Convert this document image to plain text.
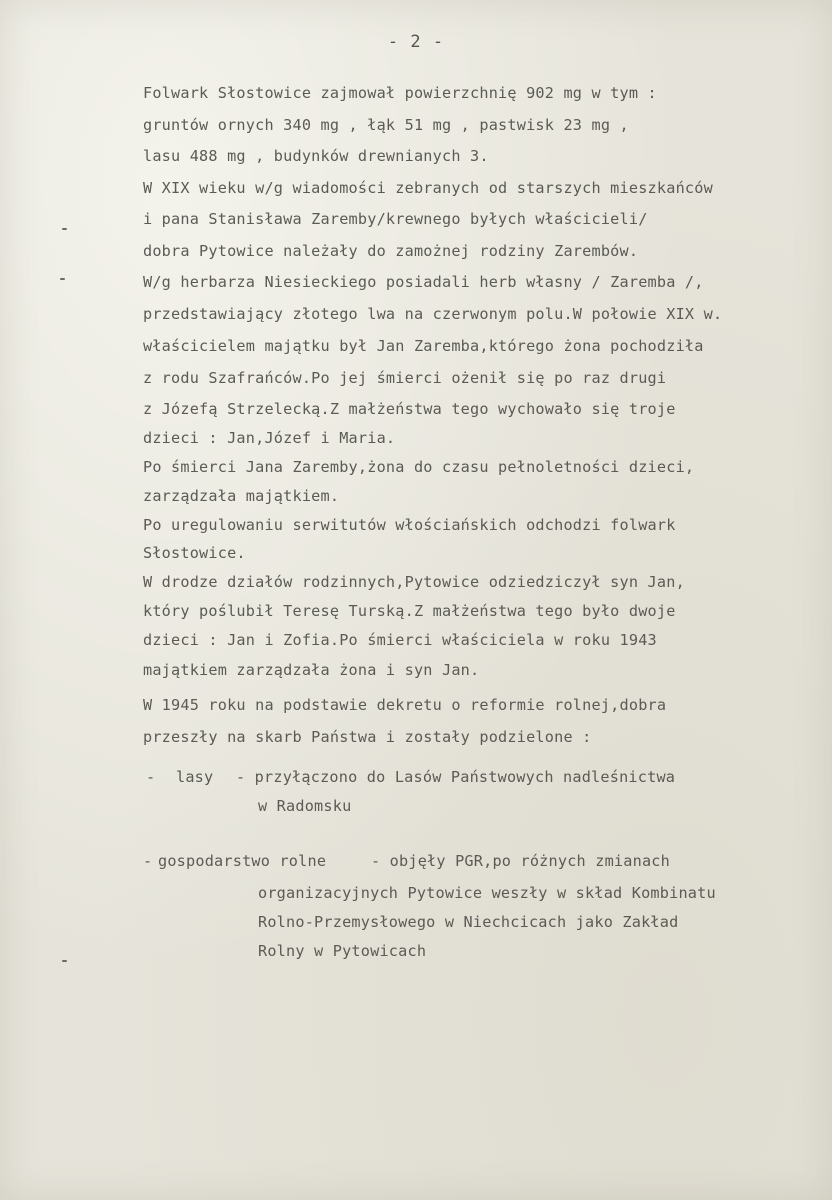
- 2 -
Folwark Słostowice zajmował powierzchnię 902 mg w tym :
gruntów ornych 340 mg , łąk 51 mg , pastwisk 23 mg ,
lasu 488 mg , budynków drewnianych 3.
W XIX wieku w/g wiadomości zebranych od starszych mieszkańców
i pana Stanisława Zaremby/krewnego byłych właścicieli/
dobra Pytowice należały do zamożnej rodziny Zarembów.
W/g herbarza Niesieckiego posiadali herb własny / Zaremba /,
przedstawiający złotego lwa na czerwonym polu.W połowie XIX w.
właścicielem majątku był Jan Zaremba,którego żona pochodziła
z rodu Szafrańców.Po jej śmierci ożenił się po raz drugi
z Józefą Strzelecką.Z małżeństwa tego wychowało się troje
dzieci : Jan,Józef i Maria.
Po śmierci Jana Zaremby,żona do czasu pełnoletności dzieci,
zarządzała majątkiem.
Po uregulowaniu serwitutów włościańskich odchodzi folwark
Słostowice.
W drodze działów rodzinnych,Pytowice odziedziczył syn Jan,
który poślubił Teresę Turską.Z małżeństwa tego było dwoje
dzieci : Jan i Zofia.Po śmierci właściciela w roku 1943
majątkiem zarządzała żona i syn Jan.
W 1945 roku na podstawie dekretu o reformie rolnej,dobra
przeszły na skarb Państwa i zostały podzielone :
- lasy - przyłączono do Lasów Państwowych nadleśnictwa
w Radomsku
- gospodarstwo rolne	- objęły PGR,po różnych zmianach
organizacyjnych Pytowice weszły w skład Kombinatu
Rolno-Przemysłowego w Niechcicach jako Zakład
Rolny w Pytowicach
